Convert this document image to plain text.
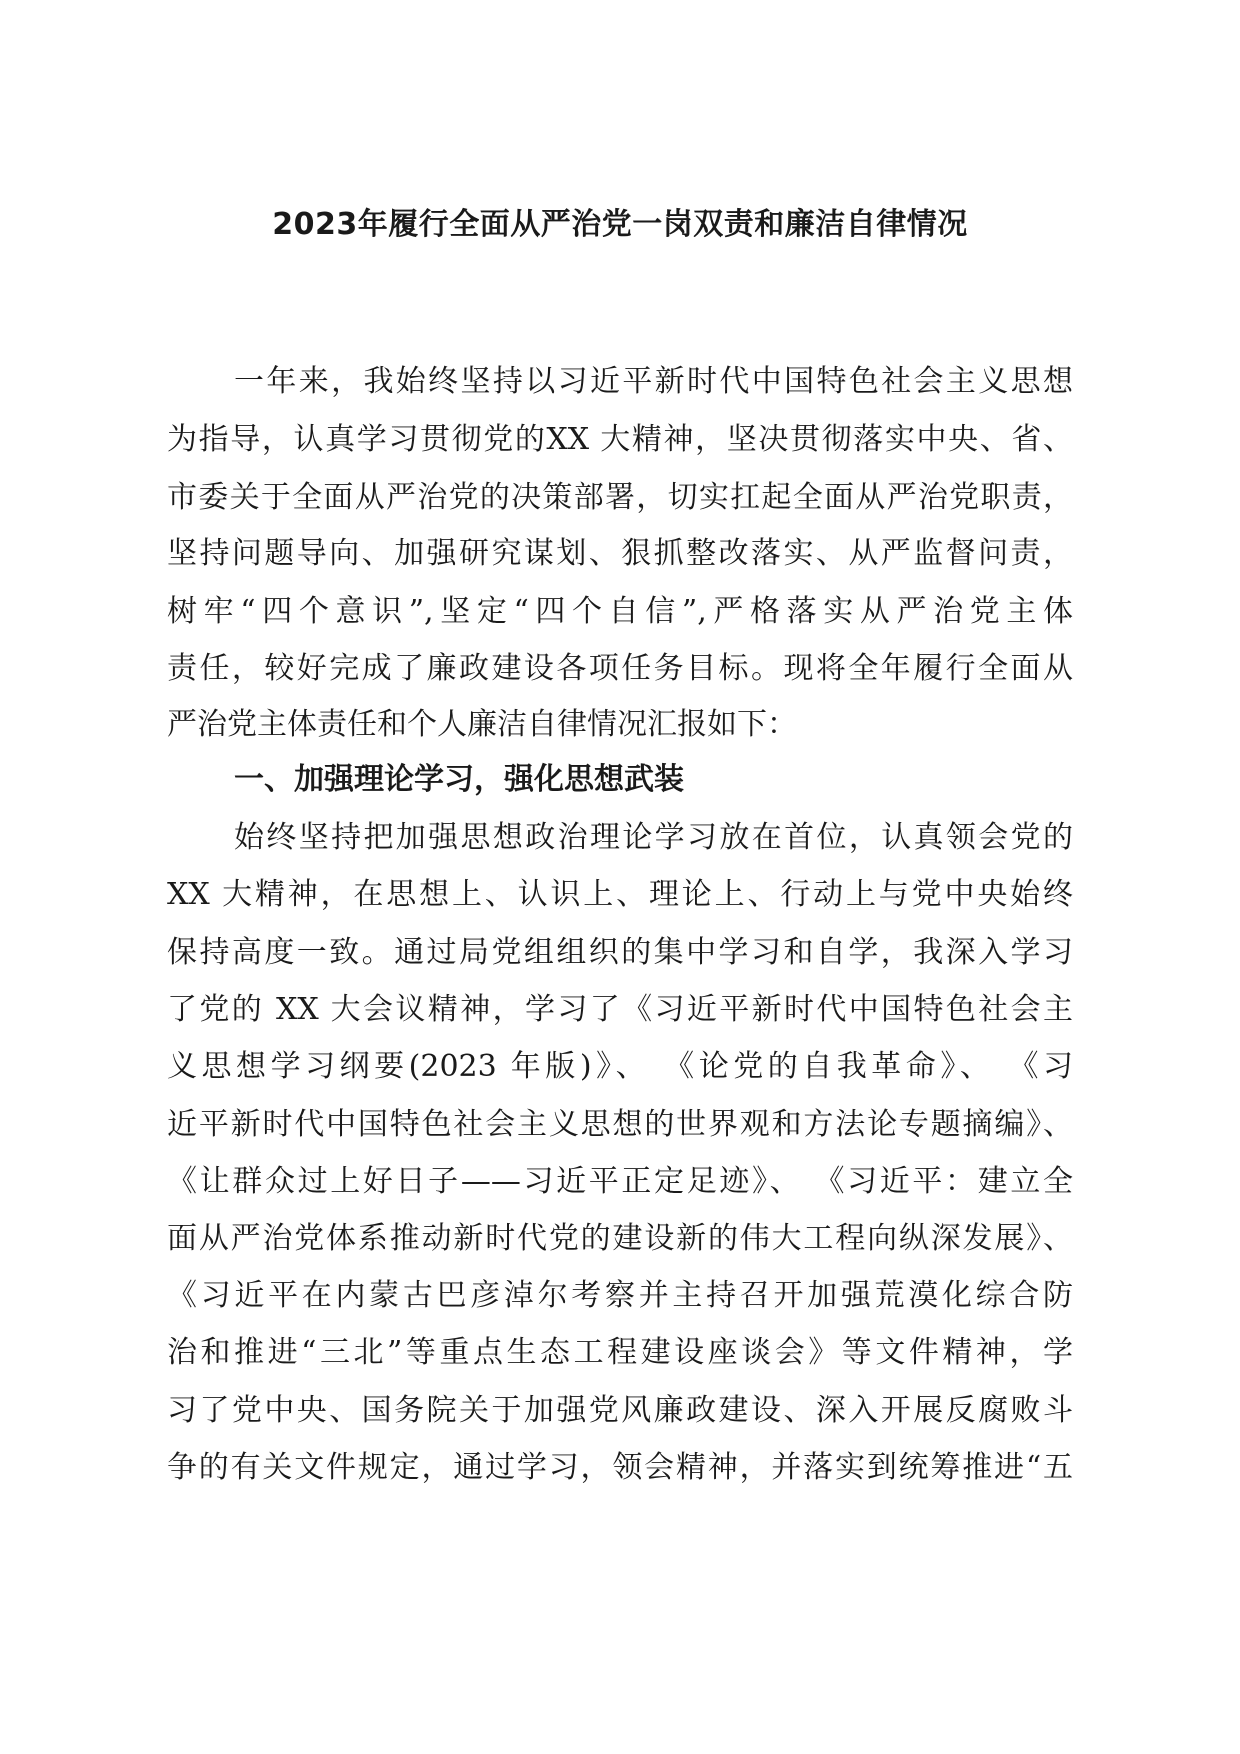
2023年履行全面从严治党一岗双责和廉洁自律情况

一年来，我始终坚持以习近平新时代中国特色社会主义思想

为指导，认真学习贯彻党的XX 大精神，坚决贯彻落实中央、省、

市委关于全面从严治党的决策部署，切实扛起全面从严治党职责，

坚持问题导向、加强研究谋划、狠抓整改落实、从严监督问责，

树牢“四个意识”,坚定“四个自信”,严格落实从严治党主体

责任，较好完成了廉政建设各项任务目标。现将全年履行全面从

严治党主体责任和个人廉洁自律情况汇报如下：

一、加强理论学习，强化思想武装

始终坚持把加强思想政治理论学习放在首位，认真领会党的

XX 大精神，在思想上、认识上、理论上、行动上与党中央始终

保持高度一致。通过局党组组织的集中学习和自学，我深入学习

了党的 XX 大会议精神，学习了《习近平新时代中国特色社会主

义思想学习纲要(2023 年版)》、 《论党的自我革命》、 《习

近平新时代中国特色社会主义思想的世界观和方法论专题摘编》、

《让群众过上好日子——习近平正定足迹》、 《习近平：建立全

面从严治党体系推动新时代党的建设新的伟大工程向纵深发展》、

《习近平在内蒙古巴彦淖尔考察并主持召开加强荒漠化综合防

治和推进“三北”等重点生态工程建设座谈会》等文件精神，学

习了党中央、国务院关于加强党风廉政建设、深入开展反腐败斗

争的有关文件规定，通过学习，领会精神，并落实到统筹推进“五
